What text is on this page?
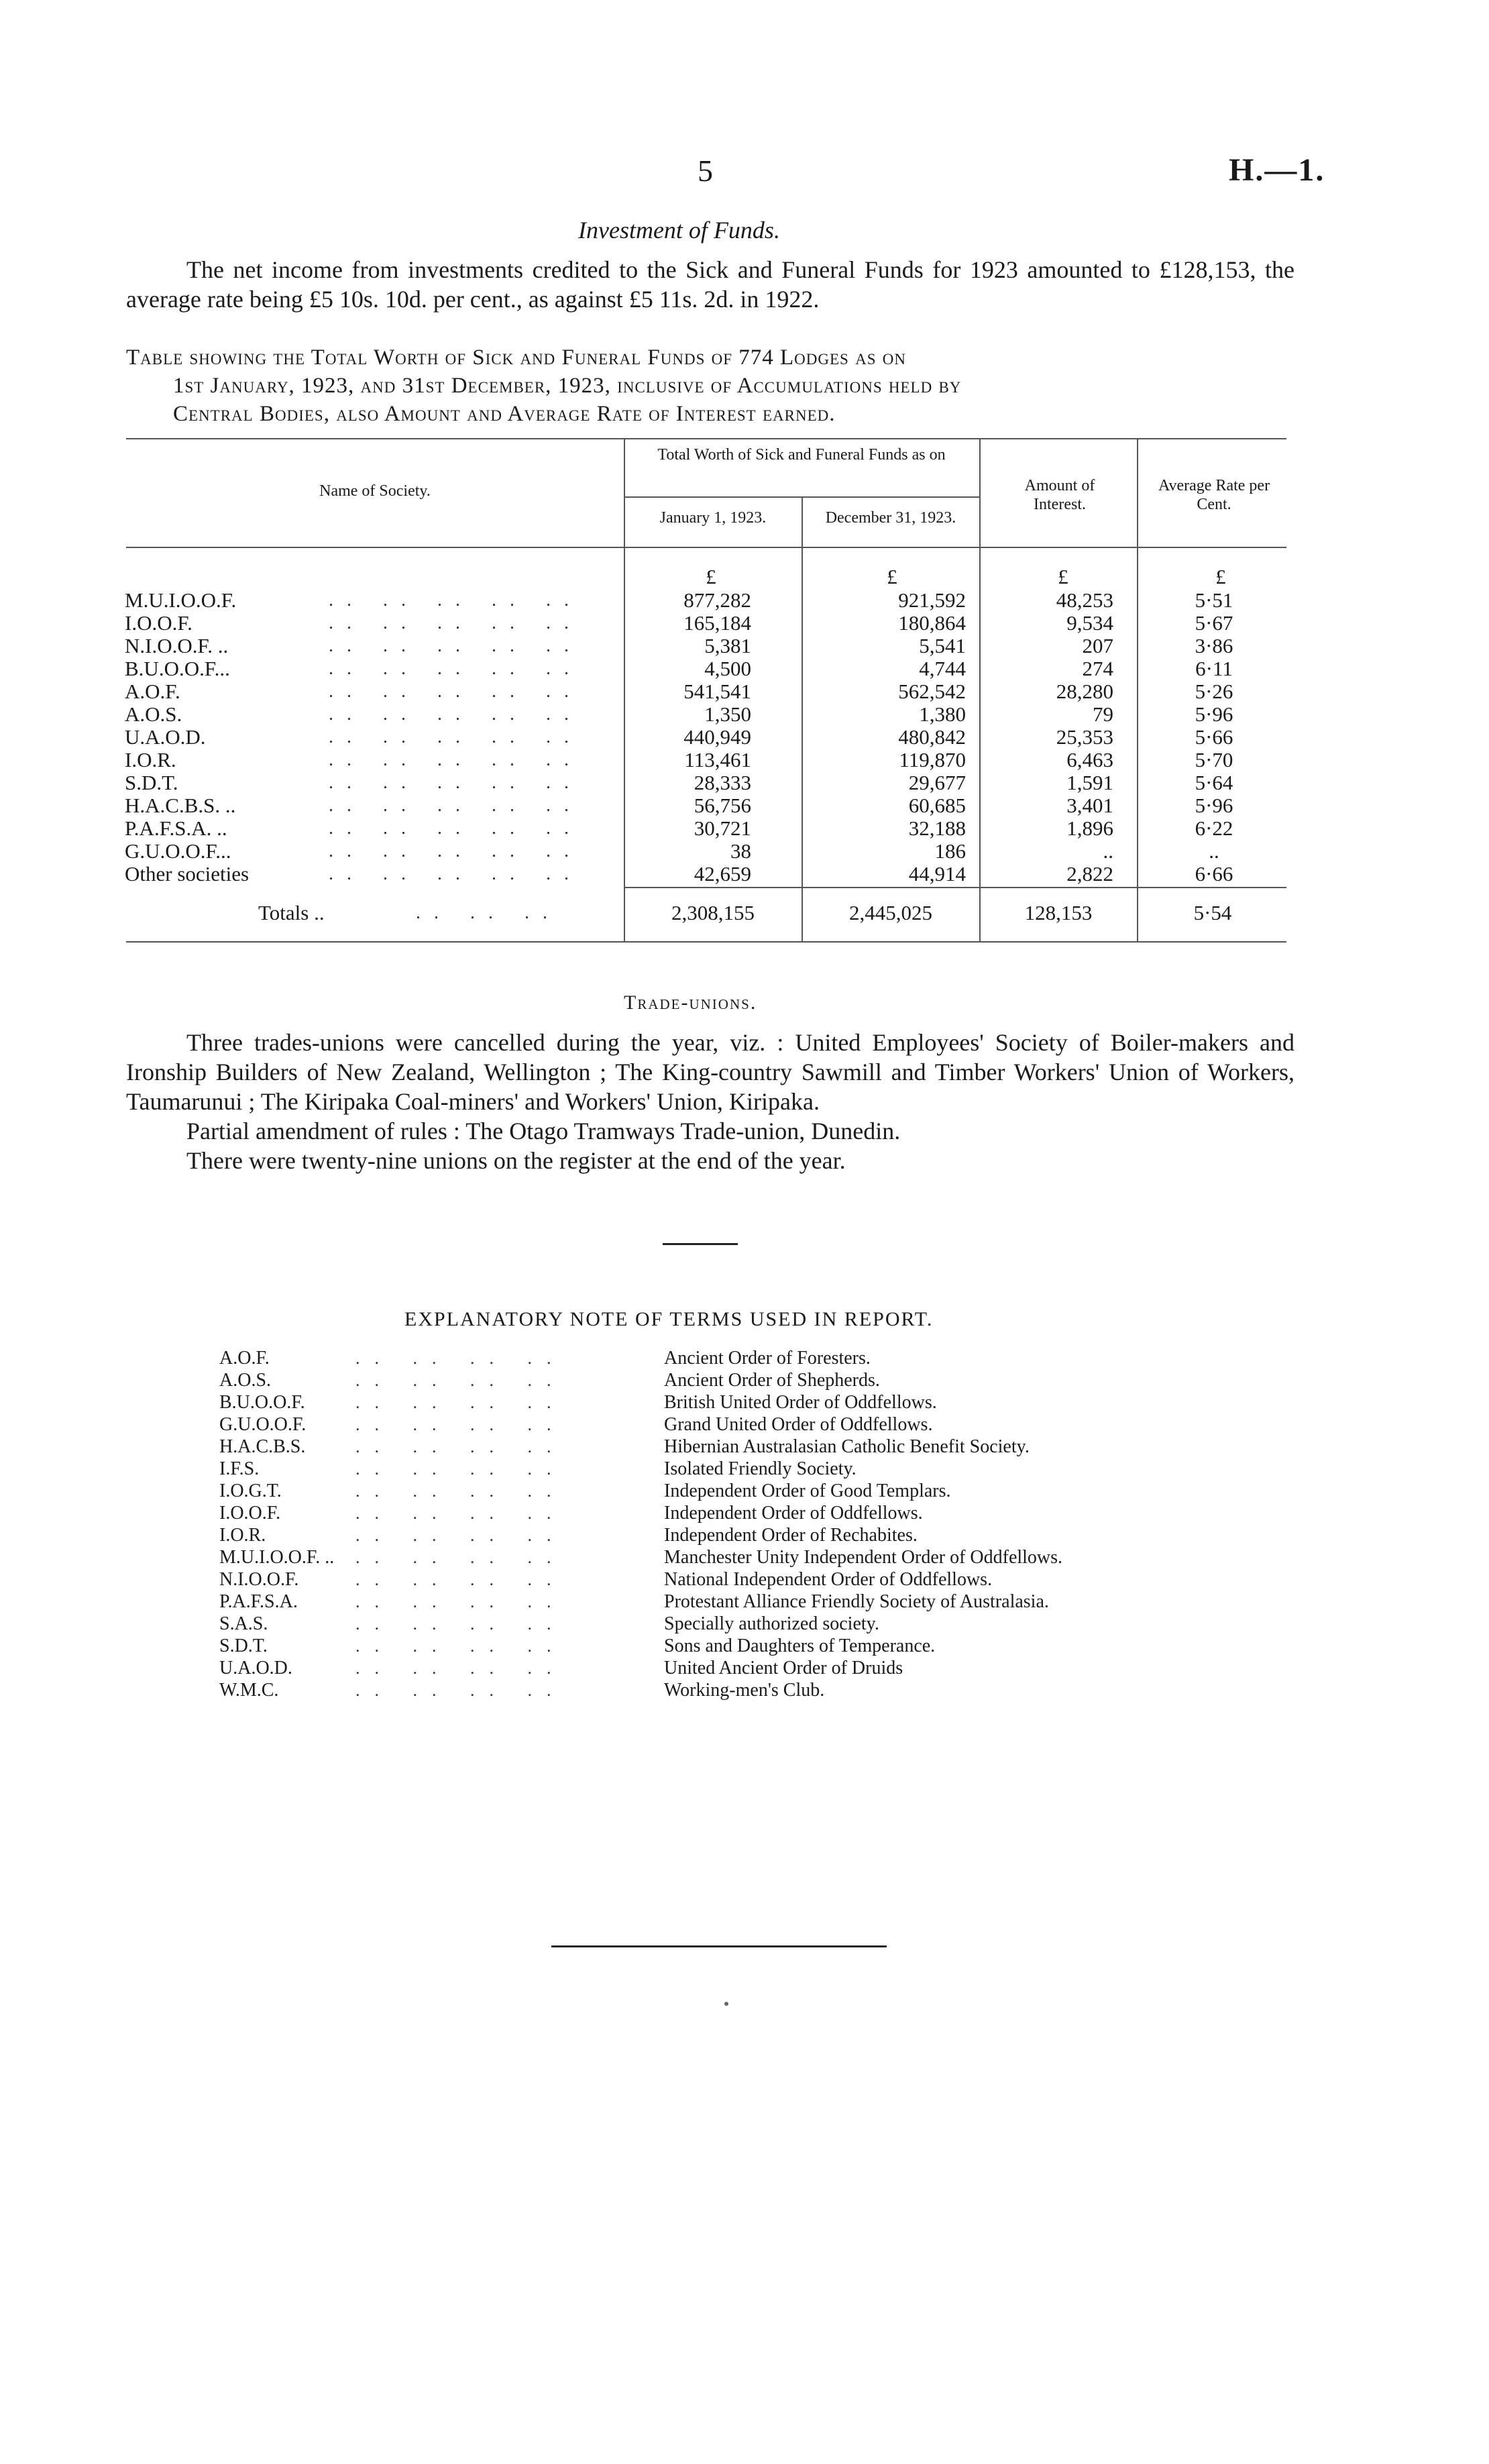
5	H.—1.
Investment of Funds.
The net income from investments credited to the Sick and Funeral Funds for 1923 amounted to £128,153, the average rate being £5 10s. 10d. per cent., as against £5 11s. 2d. in 1922.
Table showing the Total Worth of Sick and Funeral Funds of 774 Lodges as on
1st January, 1923, and 31st December, 1923, inclusive of Accumulations held by
Central Bodies, also Amount and Average Rate of Interest earned.
Name of Society.
Total Worth of Sick and Funeral Funds as on
January 1, 1923.	December 31, 1923.
Amount of Interest.
Average Rate per Cent.
£	£	£	£
M.U.I.O.O.F.	.. .. .. .. ..	877,282	921,592	48,253	5·51
I.O.O.F.	.. .. .. .. ..	165,184	180,864	9,534	5·67
N.I.O.O.F. ..	.. .. .. .. ..	5,381	5,541	207	3·86
B.U.O.O.F...	.. .. .. .. ..	4,500	4,744	274	6·11
A.O.F.	.. .. .. .. ..	541,541	562,542	28,280	5·26
A.O.S.	.. .. .. .. ..	1,350	1,380	79	5·96
U.A.O.D.	.. .. .. .. ..	440,949	480,842	25,353	5·66
I.O.R.	.. .. .. .. ..	113,461	119,870	6,463	5·70
S.D.T.	.. .. .. .. ..	28,333	29,677	1,591	5·64
H.A.C.B.S. ..	.. .. .. .. ..	56,756	60,685	3,401	5·96
P.A.F.S.A. ..	.. .. .. .. ..	30,721	32,188	1,896	6·22
G.U.O.O.F...	.. .. .. .. ..	38	186	..	..
Other societies	.. .. .. .. ..	42,659	44,914	2,822	6·66
Totals ..	.. .. ..	2,308,155	2,445,025	128,153	5·54
Trade-unions.
Three trades-unions were cancelled during the year, viz. : United Employees' Society of Boiler-makers and Ironship Builders of New Zealand, Wellington ; The King-country Sawmill and Timber Workers' Union of Workers, Taumarunui ; The Kiripaka Coal-miners' and Workers' Union, Kiripaka.
Partial amendment of rules : The Otago Tramways Trade-union, Dunedin.
There were twenty-nine unions on the register at the end of the year.
EXPLANATORY NOTE OF TERMS USED IN REPORT.
A.O.F.	.. .. .. ..	Ancient Order of Foresters.
A.O.S.	.. .. .. ..	Ancient Order of Shepherds.
B.U.O.O.F.	.. .. .. ..	British United Order of Oddfellows.
G.U.O.O.F.	.. .. .. ..	Grand United Order of Oddfellows.
H.A.C.B.S.	.. .. .. ..	Hibernian Australasian Catholic Benefit Society.
I.F.S.	.. .. .. ..	Isolated Friendly Society.
I.O.G.T.	.. .. .. ..	Independent Order of Good Templars.
I.O.O.F.	.. .. .. ..	Independent Order of Oddfellows.
I.O.R.	.. .. .. ..	Independent Order of Rechabites.
M.U.I.O.O.F. ..	.. .. .. ..	Manchester Unity Independent Order of Oddfellows.
N.I.O.O.F.	.. .. .. ..	National Independent Order of Oddfellows.
P.A.F.S.A.	.. .. .. ..	Protestant Alliance Friendly Society of Australasia.
S.A.S.	.. .. .. ..	Specially authorized society.
S.D.T.	.. .. .. ..	Sons and Daughters of Temperance.
U.A.O.D.	.. .. .. ..	United Ancient Order of Druids
W.M.C.	.. .. .. ..	Working-men's Club.
